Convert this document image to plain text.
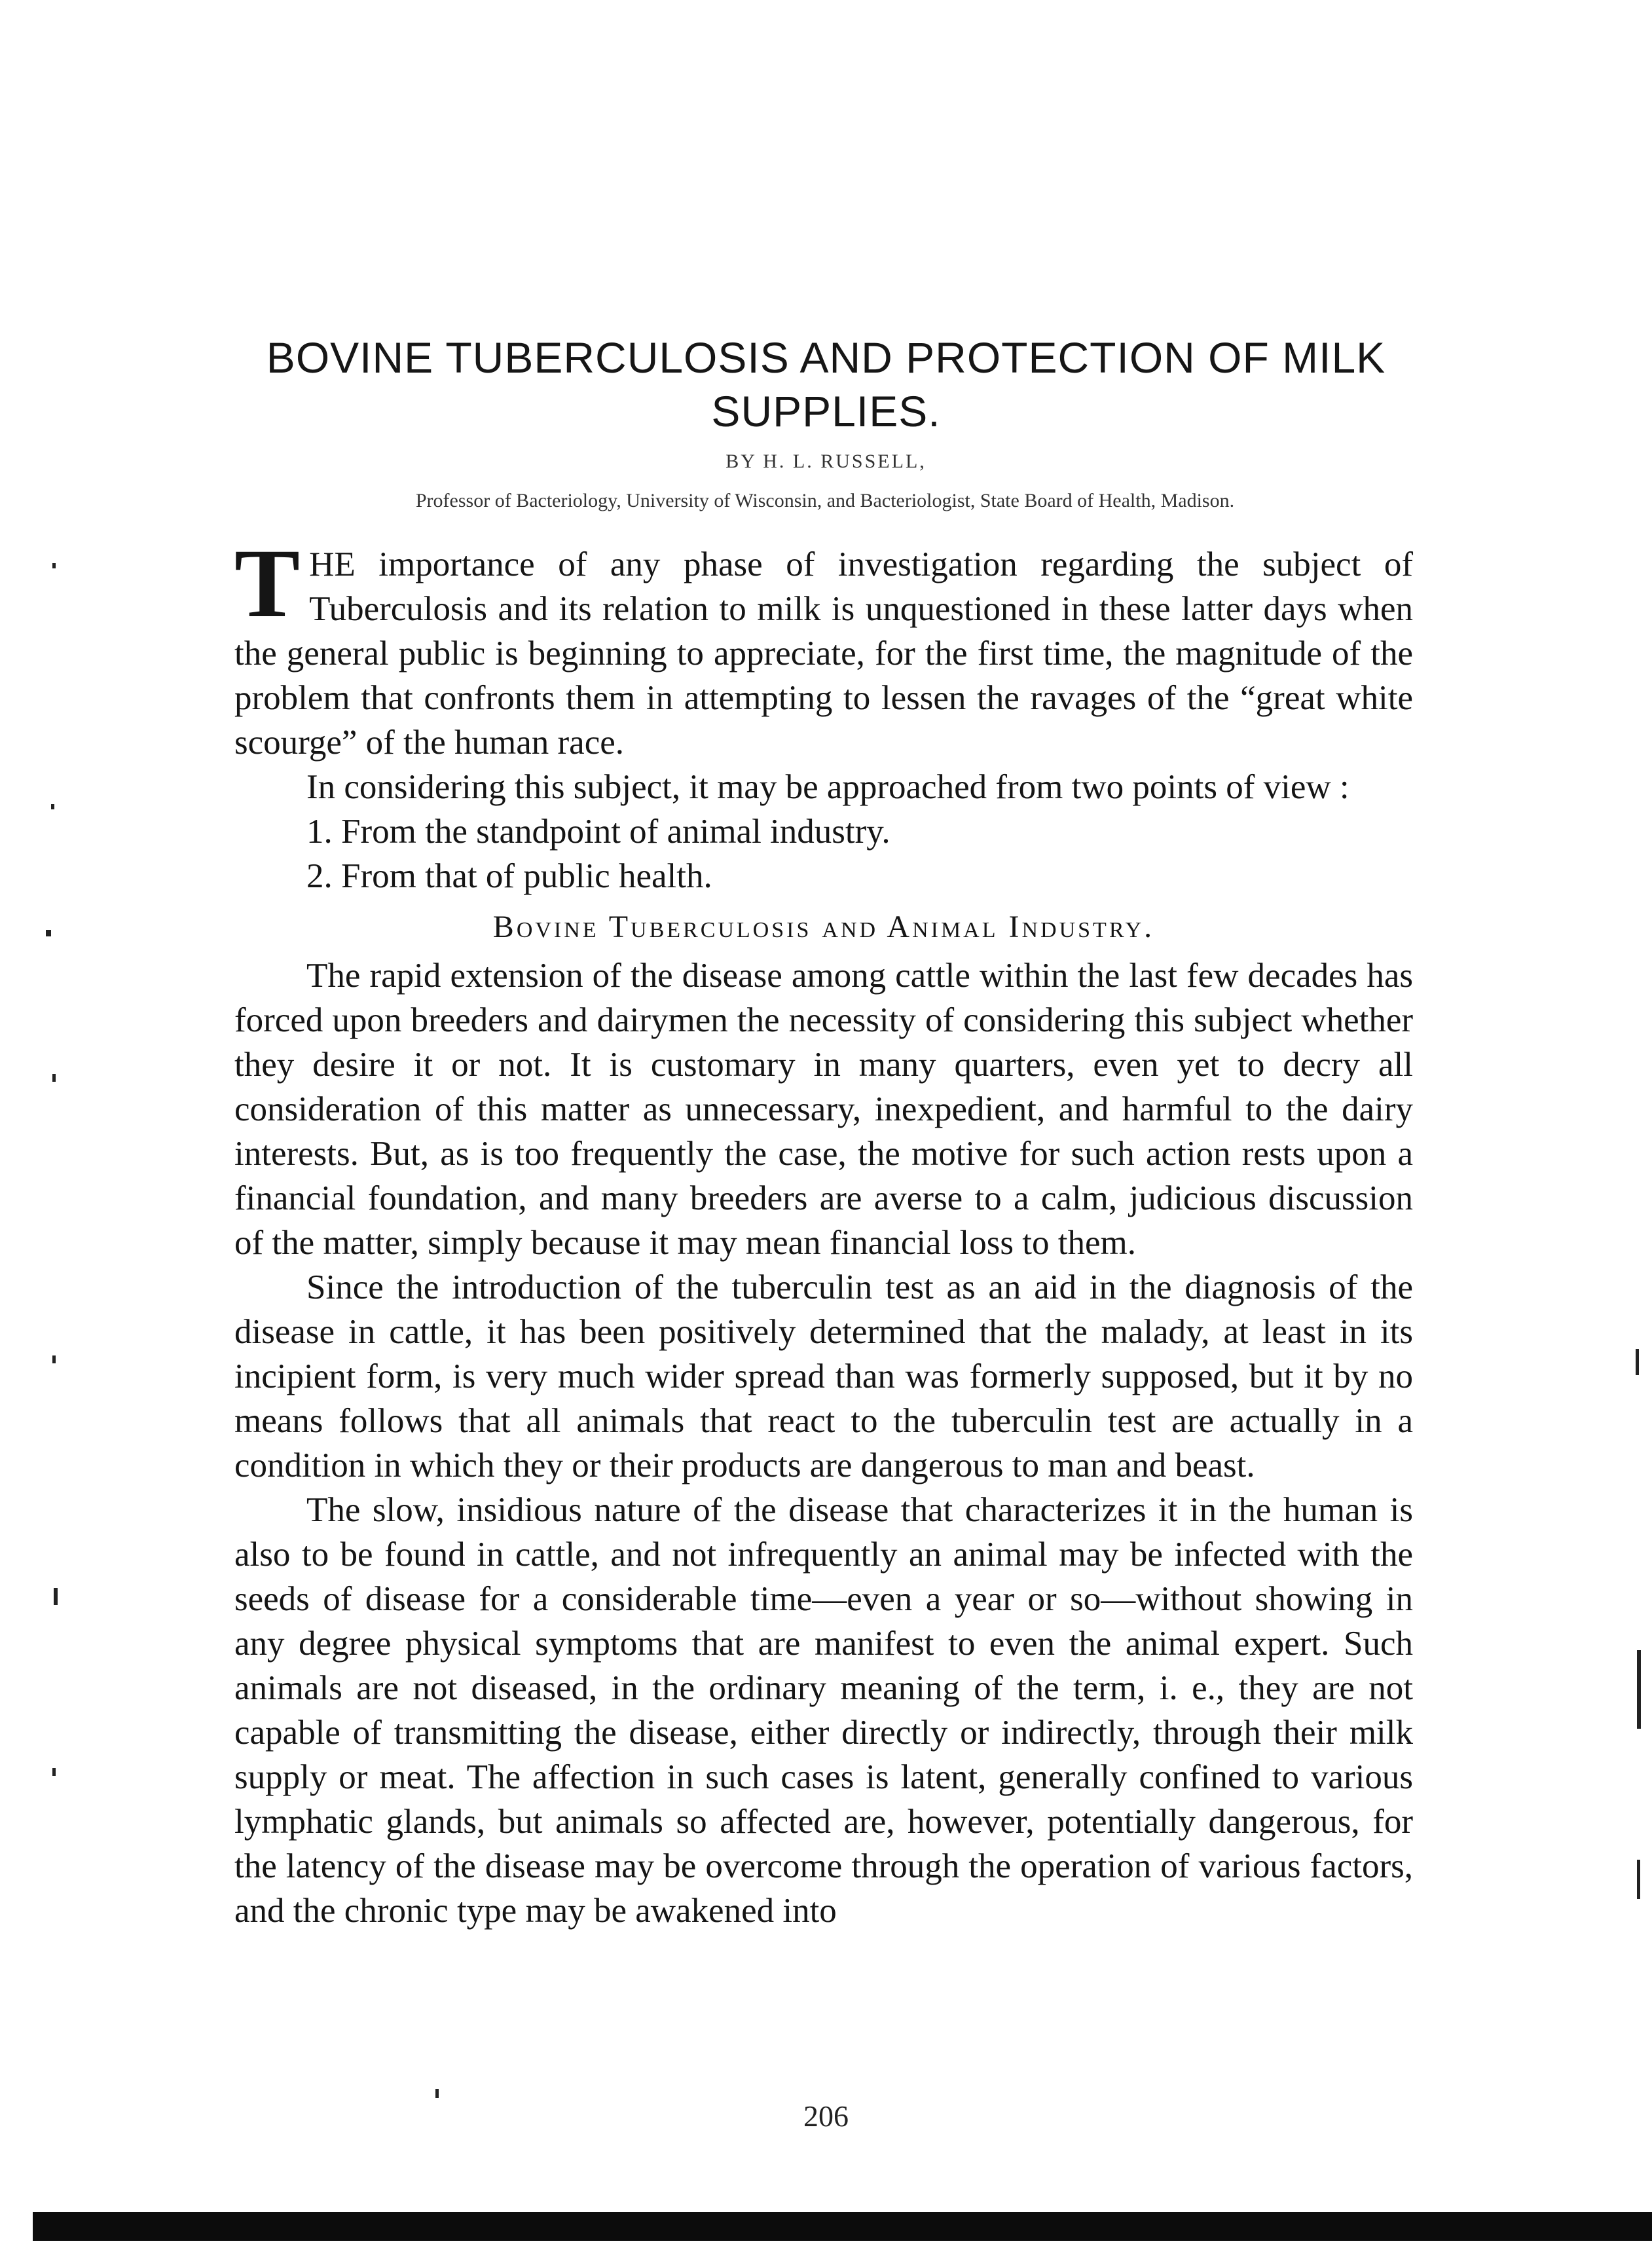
BOVINE TUBERCULOSIS AND PROTECTION OF MILK
SUPPLIES.
BY H. L. RUSSELL,
Professor of Bacteriology, University of Wisconsin, and Bacteriologist, State Board of Health, Madison.

THE importance of any phase of investigation regarding the subject of Tuberculosis and its relation to milk is unquestioned in these latter days when the general public is beginning to appreciate, for the first time, the magnitude of the problem that confronts them in attempting to lessen the ravages of the “great white scourge” of the human race.

In considering this subject, it may be approached from two points of view :

1. From the standpoint of animal industry.

2. From that of public health.

Bovine Tuberculosis and Animal Industry.

The rapid extension of the disease among cattle within the last few decades has forced upon breeders and dairymen the necessity of considering this subject whether they desire it or not. It is customary in many quarters, even yet to decry all consideration of this matter as unnecessary, inexpedient, and harmful to the dairy interests. But, as is too frequently the case, the motive for such action rests upon a financial foundation, and many breeders are averse to a calm, judicious discussion of the matter, simply because it may mean financial loss to them.

Since the introduction of the tuberculin test as an aid in the diagnosis of the disease in cattle, it has been positively determined that the malady, at least in its incipient form, is very much wider spread than was formerly supposed, but it by no means follows that all animals that react to the tuberculin test are actually in a condition in which they or their products are dangerous to man and beast.

The slow, insidious nature of the disease that characterizes it in the human is also to be found in cattle, and not infrequently an animal may be infected with the seeds of disease for a considerable time—even a year or so—without showing in any degree physical symptoms that are manifest to even the animal expert. Such animals are not diseased, in the ordinary meaning of the term, i. e., they are not capable of transmitting the disease, either directly or indirectly, through their milk supply or meat. The affection in such cases is latent, generally confined to various lymphatic glands, but animals so affected are, however, potentially dangerous, for the latency of the disease may be overcome through the operation of various factors, and the chronic type may be awakened into

206
